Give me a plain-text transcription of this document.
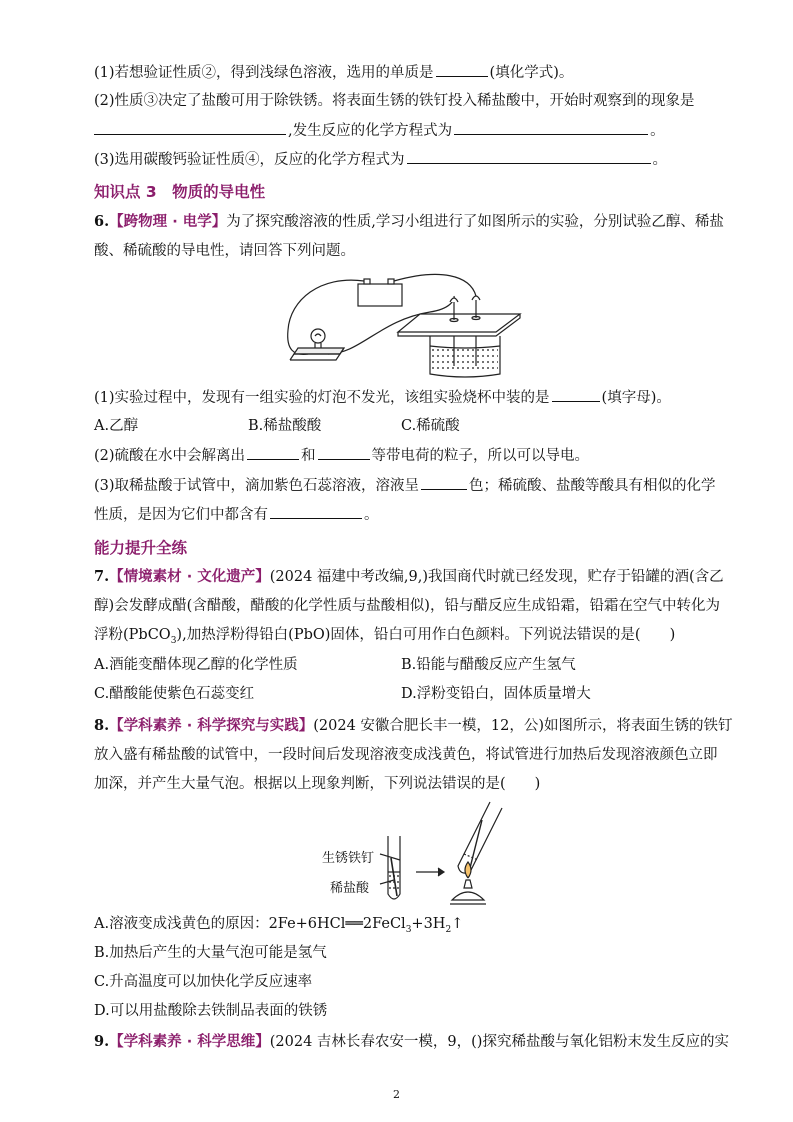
(1)若想验证性质②，得到浅绿色溶液，选用的单质是	(填化学式)。
(2)性质③决定了盐酸可用于除铁锈。将表面生锈的铁钉投入稀盐酸中，开始时观察到的现象是
,发生反应的化学方程式为	。
(3)选用碳酸钙验证性质④，反应的化学方程式为	。
知识点 3　物质的导电性
6.【跨物理 · 电学】为了探究酸溶液的性质,学习小组进行了如图所示的实验，分别试验乙醇、稀盐
酸、稀硫酸的导电性，请回答下列问题。
(1)实验过程中，发现有一组实验的灯泡不发光，该组实验烧杯中装的是	(填字母)。
A.乙醇	B.稀盐酸酸	C.稀硫酸
(2)硫酸在水中会解离出	和	等带电荷的粒子，所以可以导电。
(3)取稀盐酸于试管中，滴加紫色石蕊溶液，溶液呈	色；稀硫酸、盐酸等酸具有相似的化学
性质，是因为它们中都含有	。
能力提升全练
7.【情境素材 · 文化遗产】(2024 福建中考改编,9,)我国商代时就已经发现，贮存于铅罐的酒(含乙
醇)会发酵成醋(含醋酸，醋酸的化学性质与盐酸相似)，铅与醋反应生成铅霜，铅霜在空气中转化为
浮粉(PbCO$_3$),加热浮粉得铅白(PbO)固体，铅白可用作白色颜料。下列说法错误的是(　　)
A.酒能变醋体现乙醇的化学性质	B.铅能与醋酸反应产生氢气
C.醋酸能使紫色石蕊变红	D.浮粉变铅白，固体质量增大
8.【学科素养 · 科学探究与实践】(2024 安徽合肥长丰一模，12，公)如图所示，将表面生锈的铁钉
放入盛有稀盐酸的试管中，一段时间后发现溶液变成浅黄色，将试管进行加热后发现溶液颜色立即
加深，并产生大量气泡。根据以上现象判断，下列说法错误的是(　　)
生锈铁钉
稀盐酸
A.溶液变成浅黄色的原因：$2Fe+6HCl══2FeCl_3+3H_2↑$
B.加热后产生的大量气泡可能是氢气
C.升高温度可以加快化学反应速率
D.可以用盐酸除去铁制品表面的铁锈
9.【学科素养 · 科学思维】(2024 吉林长春农安一模，9，()探究稀盐酸与氧化铝粉末发生反应的实
2
